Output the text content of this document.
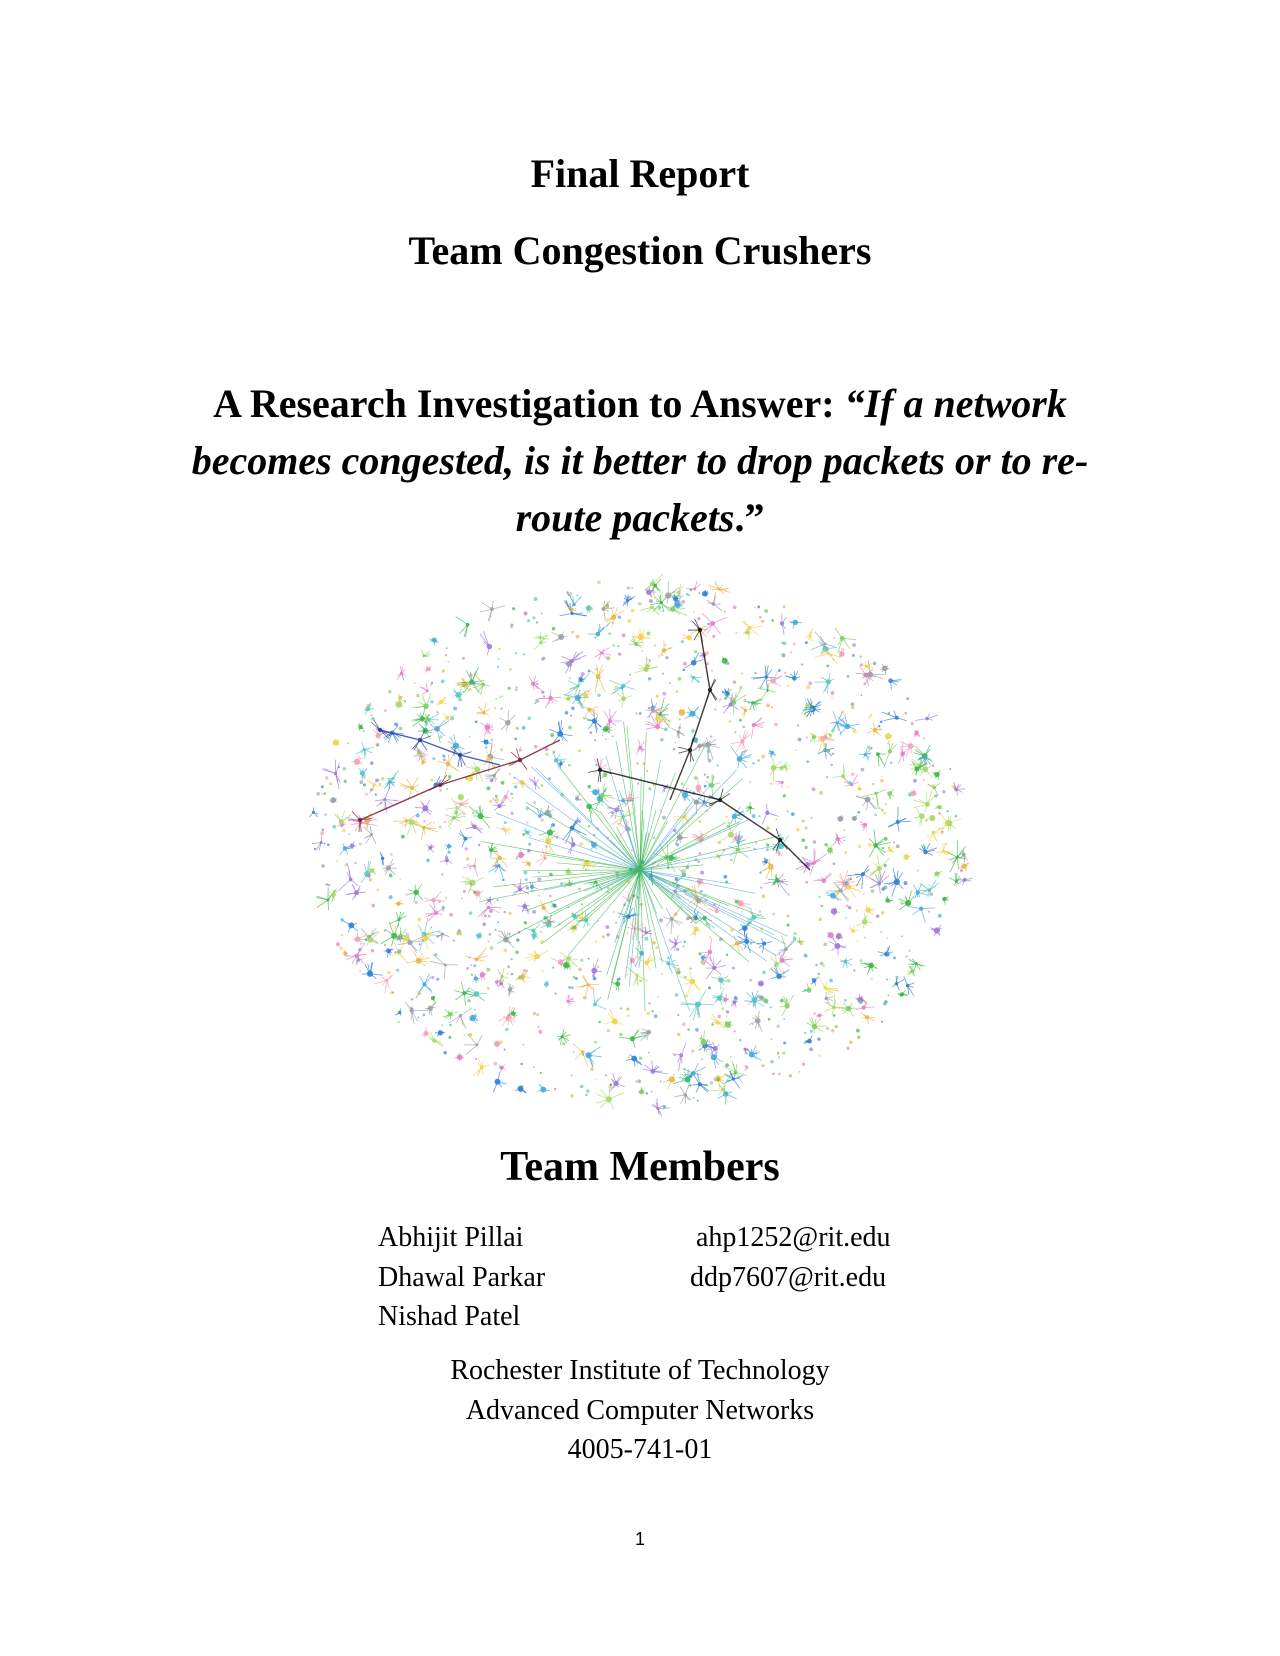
Final Report
Team Congestion Crushers
A Research Investigation to Answer: “If a network
becomes congested, is it better to drop packets or to re-
route packets.”
Team Members
Abhijit Pillai	ahp1252@rit.edu
Dhawal Parkar	ddp7607@rit.edu
Nishad Patel
Rochester Institute of Technology
Advanced Computer Networks
4005-741-01
1
